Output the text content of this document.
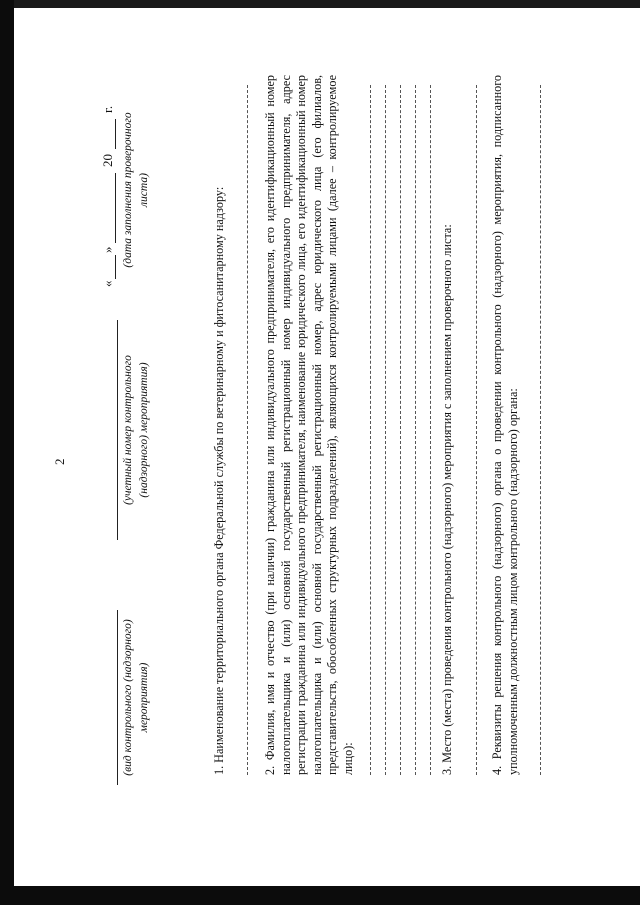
2
(вид контрольного (надзорного) мероприятия)
(учетный номер контрольного (надзорного) мероприятия)
«
»
20
г.
(дата заполнения проверочного листа)
1. Наименование территориального органа Федеральной службы по ветеринарному и фитосанитарному надзору:
2. Фамилия, имя и отчество (при наличии) гражданина или индивидуального предпринимателя, его идентификационный номер налогоплательщика и (или) основной государственный регистрационный номер индивидуального предпринимателя, адрес регистрации гражданина или индивидуального предпринимателя, наименование юридического лица, его идентификационный номер налогоплательщика и (или) основной государственный регистрационный номер, адрес юридического лица (его филиалов, представительств, обособленных структурных подразделений), являющихся контролируемыми лицами (далее – контролируемое лицо):	3. Место (места) проведения контрольного (надзорного) мероприятия с заполнением проверочного листа:
4. Реквизиты решения контрольного (надзорного) органа о проведении контрольного (надзорного) мероприятия, подписанного уполномоченным должностным лицом контрольного (надзорного) органа:
